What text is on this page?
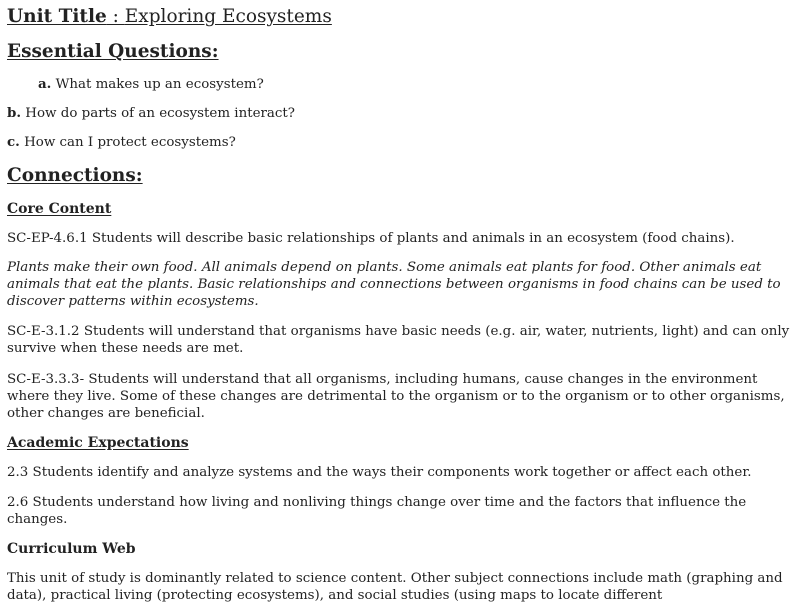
Unit Title : Exploring Ecosystems
Essential Questions:
a. What makes up an ecosystem?
b. How do parts of an ecosystem interact?
c. How can I protect ecosystems?
Connections:
Core Content
SC-EP-4.6.1 Students will describe basic relationships of plants and animals in an ecosystem (food chains).
Plants make their own food. All animals depend on plants. Some animals eat plants for food. Other animals eat animals that eat the plants. Basic relationships and connections between organisms in food chains can be used to discover patterns within ecosystems.
SC-E-3.1.2 Students will understand that organisms have basic needs (e.g. air, water, nutrients, light) and can only survive when these needs are met.
SC-E-3.3.3- Students will understand that all organisms, including humans, cause changes in the environment where they live. Some of these changes are detrimental to the organism or to the organism or to other organisms, other changes are beneficial.
Academic Expectations
2.3 Students identify and analyze systems and the ways their components work together or affect each other.
2.6 Students understand how living and nonliving things change over time and the factors that influence the changes.
Curriculum Web
This unit of study is dominantly related to science content. Other subject connections include math (graphing and data), practical living (protecting ecosystems), and social studies (using maps to locate different
